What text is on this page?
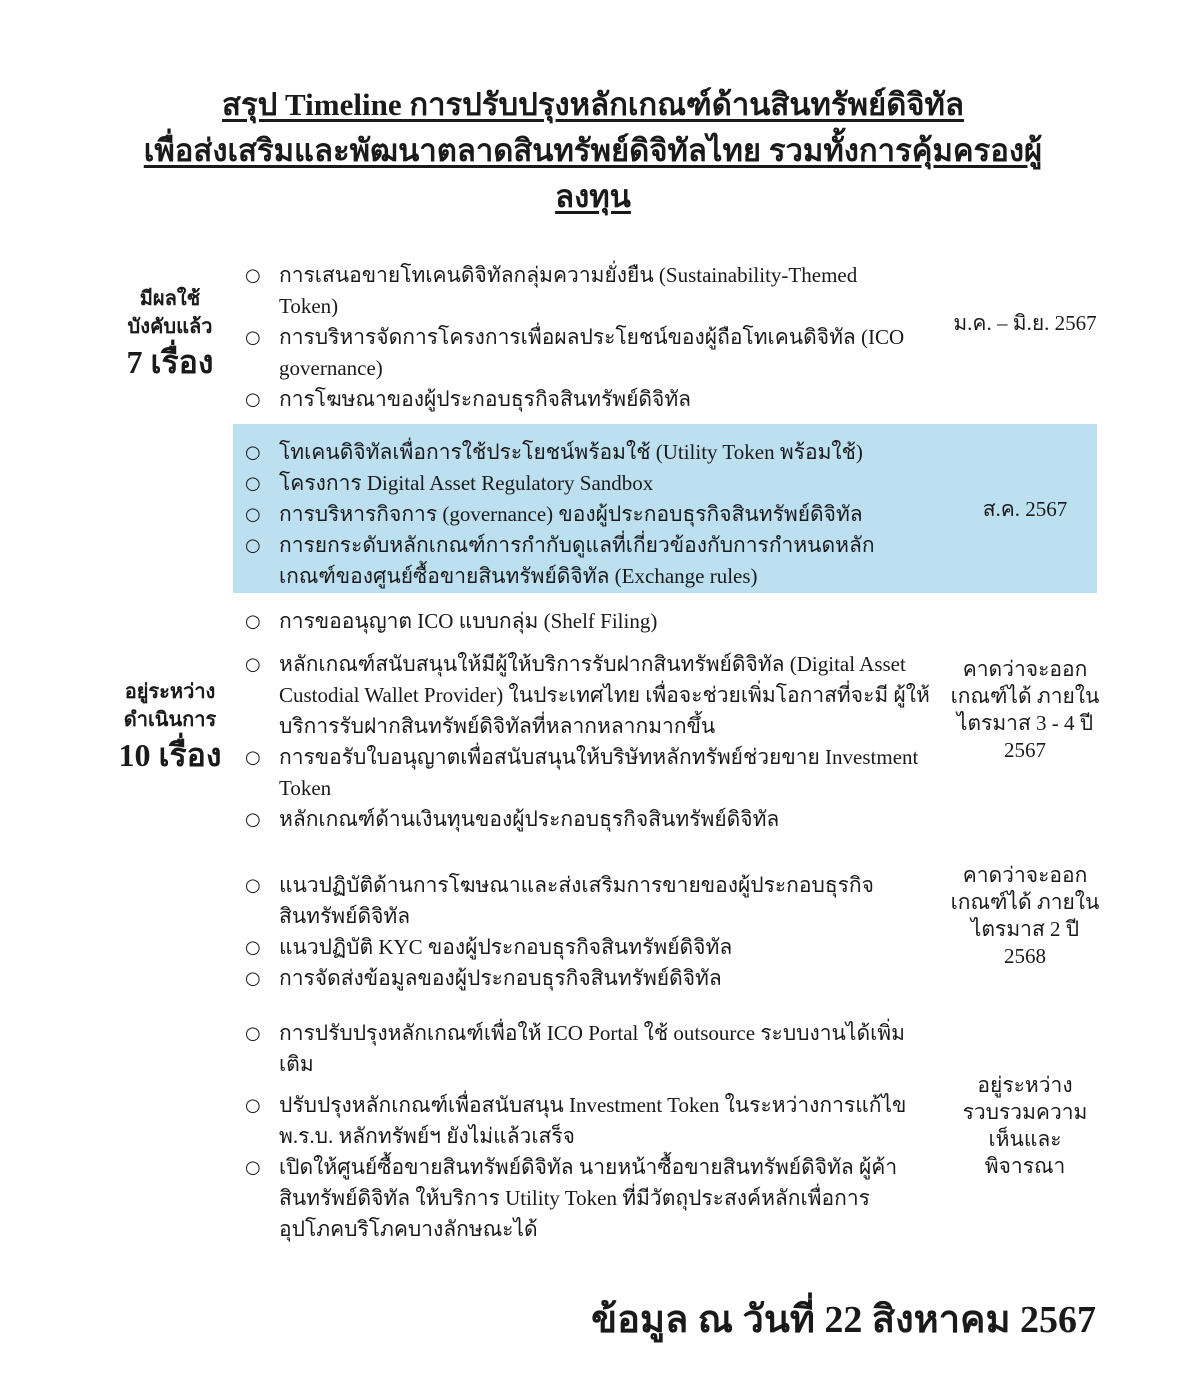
สรุป Timeline การปรับปรุงหลักเกณฑ์ด้านสินทรัพย์ดิจิทัล
เพื่อส่งเสริมและพัฒนาตลาดสินทรัพย์ดิจิทัลไทย รวมทั้งการคุ้มครองผู้
ลงทุน
มีผลใช้
บังคับแล้ว
7 เรื่อง
อยู่ระหว่าง
ดำเนินการ
10 เรื่อง
○ การเสนอขายโทเคนดิจิทัลกลุ่มความยั่งยืน (Sustainability-Themed Token)
○ การบริหารจัดการโครงการเพื่อผลประโยชน์ของผู้ถือโทเคนดิจิทัล (ICO governance)
○ การโฆษณาของผู้ประกอบธุรกิจสินทรัพย์ดิจิทัล
ม.ค. – มิ.ย. 2567
○ โทเคนดิจิทัลเพื่อการใช้ประโยชน์พร้อมใช้ (Utility Token พร้อมใช้)
○ โครงการ Digital Asset Regulatory Sandbox
○ การบริหารกิจการ (governance) ของผู้ประกอบธุรกิจสินทรัพย์ดิจิทัล
○ การยกระดับหลักเกณฑ์การกำกับดูแลที่เกี่ยวข้องกับการกำหนดหลักเกณฑ์ของศูนย์ซื้อขายสินทรัพย์ดิจิทัล (Exchange rules)
ส.ค. 2567
○ การขออนุญาต ICO แบบกลุ่ม (Shelf Filing)
○ หลักเกณฑ์สนับสนุนให้มีผู้ให้บริการรับฝากสินทรัพย์ดิจิทัล (Digital Asset Custodial Wallet Provider) ในประเทศไทย เพื่อจะช่วยเพิ่มโอกาสที่จะมี ผู้ให้บริการรับฝากสินทรัพย์ดิจิทัลที่หลากหลากมากขึ้น
○ การขอรับใบอนุญาตเพื่อสนับสนุนให้บริษัทหลักทรัพย์ช่วยขาย Investment Token
○ หลักเกณฑ์ด้านเงินทุนของผู้ประกอบธุรกิจสินทรัพย์ดิจิทัล
คาดว่าจะออกเกณฑ์ได้ ภายใน ไตรมาส 3 - 4 ปี 2567
○ แนวปฏิบัติด้านการโฆษณาและส่งเสริมการขายของผู้ประกอบธุรกิจสินทรัพย์ดิจิทัล
○ แนวปฏิบัติ KYC ของผู้ประกอบธุรกิจสินทรัพย์ดิจิทัล
○ การจัดส่งข้อมูลของผู้ประกอบธุรกิจสินทรัพย์ดิจิทัล
คาดว่าจะออกเกณฑ์ได้ ภายใน ไตรมาส 2 ปี 2568
○ การปรับปรุงหลักเกณฑ์เพื่อให้ ICO Portal ใช้ outsource ระบบงานได้เพิ่มเติม
○ ปรับปรุงหลักเกณฑ์เพื่อสนับสนุน Investment Token ในระหว่างการแก้ไข พ.ร.บ. หลักทรัพย์ฯ ยังไม่แล้วเสร็จ
○ เปิดให้ศูนย์ซื้อขายสินทรัพย์ดิจิทัล นายหน้าซื้อขายสินทรัพย์ดิจิทัล ผู้ค้าสินทรัพย์ดิจิทัล ให้บริการ Utility Token ที่มีวัตถุประสงค์หลักเพื่อการอุปโภคบริโภคบางลักษณะได้
อยู่ระหว่าง รวบรวมความ เห็นและ พิจารณา
ข้อมูล ณ วันที่ 22 สิงหาคม 2567
